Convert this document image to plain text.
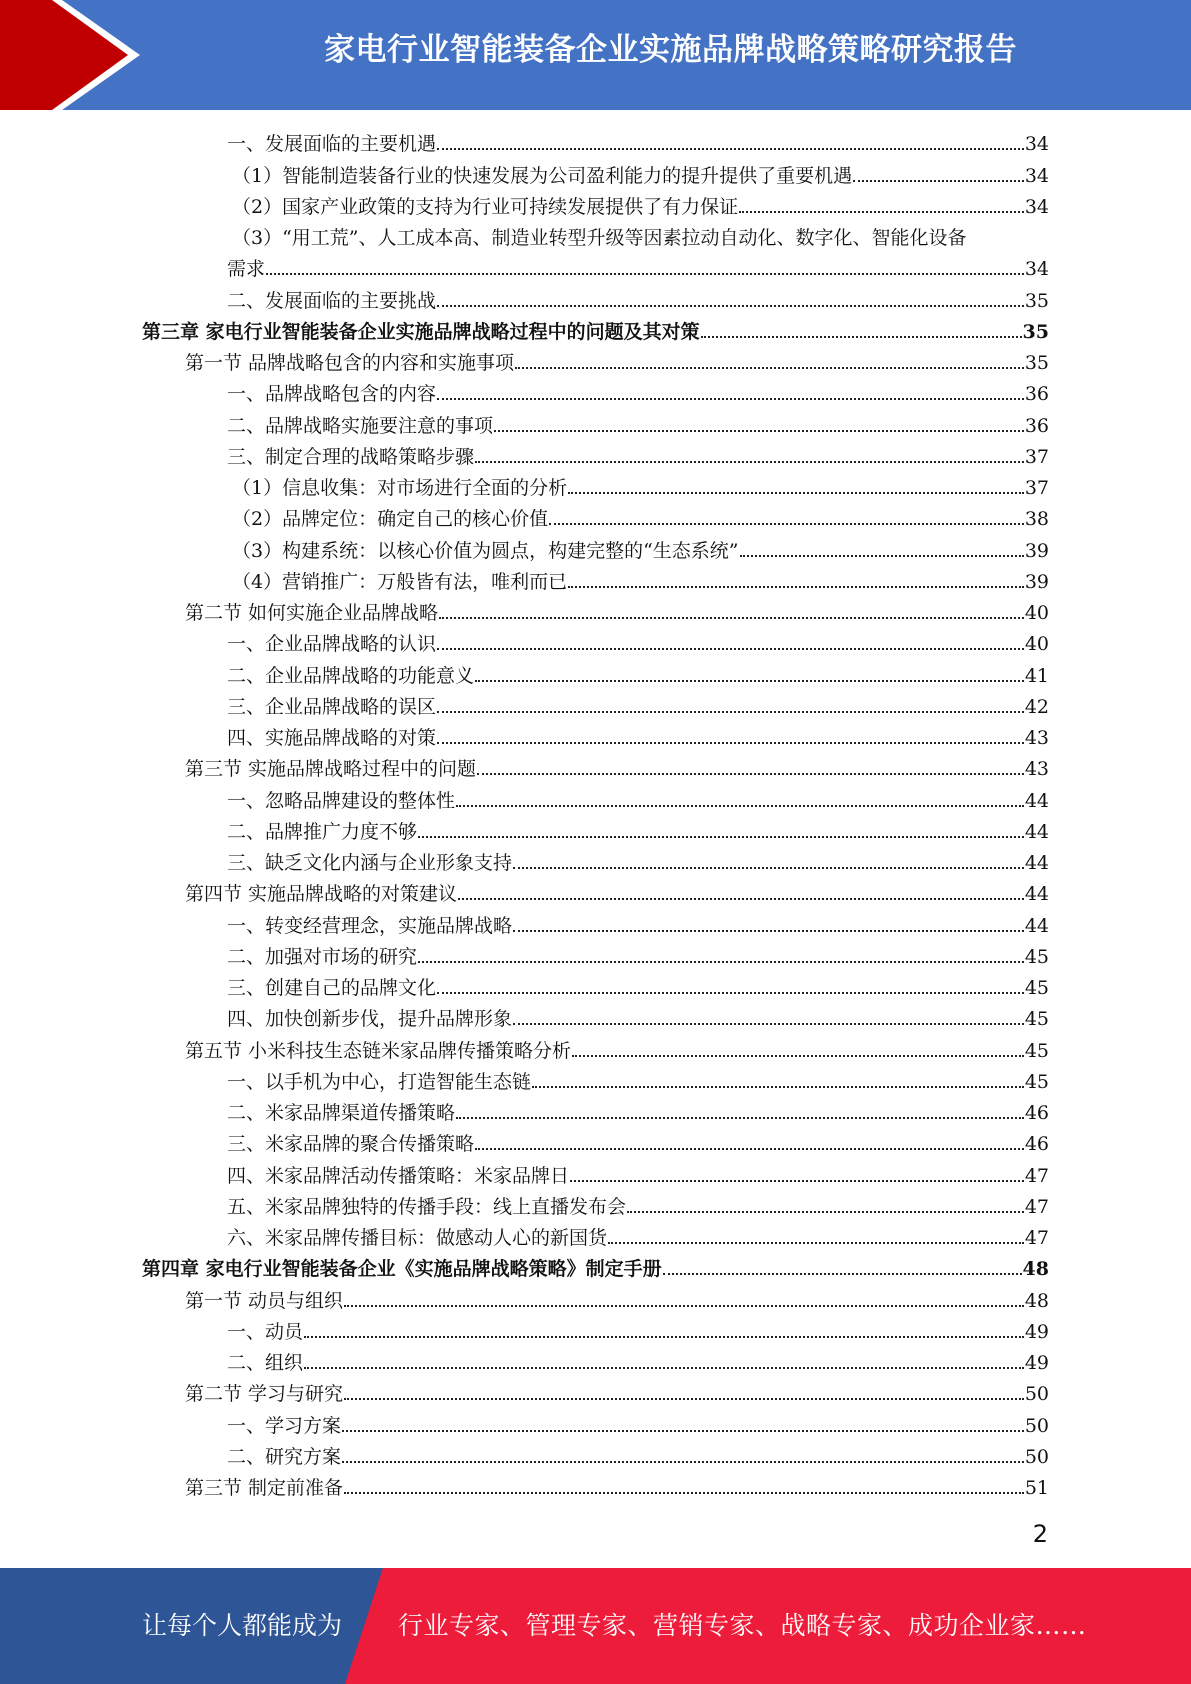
家电行业智能装备企业实施品牌战略策略研究报告
一、发展面临的主要机遇	34
（1）智能制造装备行业的快速发展为公司盈利能力的提升提供了重要机遇	34
（2）国家产业政策的支持为行业可持续发展提供了有力保证	34
（3）“用工荒”、人工成本高、制造业转型升级等因素拉动自动化、数字化、智能化设备
需求	34
二、发展面临的主要挑战	35
第三章 家电行业智能装备企业实施品牌战略过程中的问题及其对策	35
第一节 品牌战略包含的内容和实施事项	35
一、品牌战略包含的内容	36
二、品牌战略实施要注意的事项	36
三、制定合理的战略策略步骤	37
（1）信息收集：对市场进行全面的分析	37
（2）品牌定位：确定自己的核心价值	38
（3）构建系统：以核心价值为圆点，构建完整的“生态系统”	39
（4）营销推广：万般皆有法，唯利而已	39
第二节 如何实施企业品牌战略	40
一、企业品牌战略的认识	40
二、企业品牌战略的功能意义	41
三、企业品牌战略的误区	42
四、实施品牌战略的对策	43
第三节 实施品牌战略过程中的问题	43
一、忽略品牌建设的整体性	44
二、品牌推广力度不够	44
三、缺乏文化内涵与企业形象支持	44
第四节 实施品牌战略的对策建议	44
一、转变经营理念，实施品牌战略	44
二、加强对市场的研究	45
三、创建自己的品牌文化	45
四、加快创新步伐，提升品牌形象	45
第五节 小米科技生态链米家品牌传播策略分析	45
一、以手机为中心，打造智能生态链	45
二、米家品牌渠道传播策略	46
三、米家品牌的聚合传播策略	46
四、米家品牌活动传播策略：米家品牌日	47
五、米家品牌独特的传播手段：线上直播发布会	47
六、米家品牌传播目标：做感动人心的新国货	47
第四章 家电行业智能装备企业《实施品牌战略策略》制定手册	48
第一节 动员与组织	48
一、动员	49
二、组织	49
第二节 学习与研究	50
一、学习方案	50
二、研究方案	50
第三节 制定前准备	51
2
让每个人都能成为 行业专家、管理专家、营销专家、战略专家、成功企业家……
